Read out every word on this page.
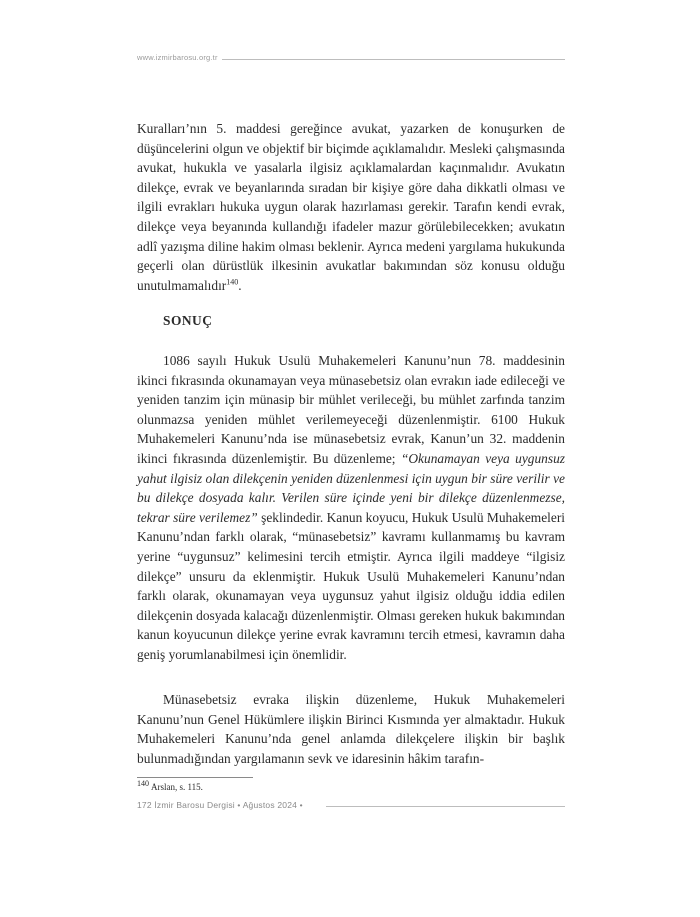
www.izmirbarosu.org.tr
Kuralları’nın 5. maddesi gereğince avukat, yazarken de konuşurken de düşüncelerini olgun ve objektif bir biçimde açıklamalıdır. Mesleki çalışmasında avukat, hukukla ve yasalarla ilgisiz açıklamalardan kaçınmalıdır. Avukatın dilekçe, evrak ve beyanlarında sıradan bir kişiye göre daha dikkatli olması ve ilgili evrakları hukuka uygun olarak hazırlaması gerekir. Tarafın kendi evrak, dilekçe veya beyanında kullandığı ifadeler mazur görülebilecekken; avukatın adlî yazışma diline hakim olması beklenir. Ayrıca medeni yargılama hukukunda geçerli olan dürüstlük ilkesinin avukatlar bakımından söz konusu olduğu unutulmamalıdır$^{140}$.
SONUÇ
1086 sayılı Hukuk Usulü Muhakemeleri Kanunu’nun 78. maddesinin ikinci fıkrasında okunamayan veya münasebetsiz olan evrakın iade edileceği ve yeniden tanzim için münasip bir mühlet verileceği, bu mühlet zarfında tanzim olunmazsa yeniden mühlet verilemeyeceği düzenlenmiştir. 6100 Hukuk Muhakemeleri Kanunu’nda ise münasebetsiz evrak, Kanun’un 32. maddenin ikinci fıkrasında düzenlemiştir. Bu düzenleme; “Okunamayan veya uygunsuz yahut ilgisiz olan dilekçenin yeniden düzenlenmesi için uygun bir süre verilir ve bu dilekçe dosyada kalır. Verilen süre içinde yeni bir dilekçe düzenlenmezse, tekrar süre verilemez” şeklindedir. Kanun koyucu, Hukuk Usulü Muhakemeleri Kanunu’ndan farklı olarak, “münasebetsiz” kavramı kullanmamış bu kavram yerine “uygunsuz” kelimesini tercih etmiştir. Ayrıca ilgili maddeye “ilgisiz dilekçe” unsuru da eklenmiştir. Hukuk Usulü Muhakemeleri Kanunu’ndan farklı olarak, okunamayan veya uygunsuz yahut ilgisiz olduğu iddia edilen dilekçenin dosyada kalacağı düzenlenmiştir. Olması gereken hukuk bakımından kanun koyucunun dilekçe yerine evrak kavramını tercih etmesi, kavramın daha geniş yorumlanabilmesi için önemlidir.
Münasebetsiz evraka ilişkin düzenleme, Hukuk Muhakemeleri Kanunu’nun Genel Hükümlere ilişkin Birinci Kısmında yer almaktadır. Hukuk Muhakemeleri Kanunu’nda genel anlamda dilekçelere ilişkin bir başlık bulunmadığından yargılamanın sevk ve idaresinin hâkim tarafın-
140 Arslan, s. 115.
172 İzmir Barosu Dergisi • Ağustos 2024 •
